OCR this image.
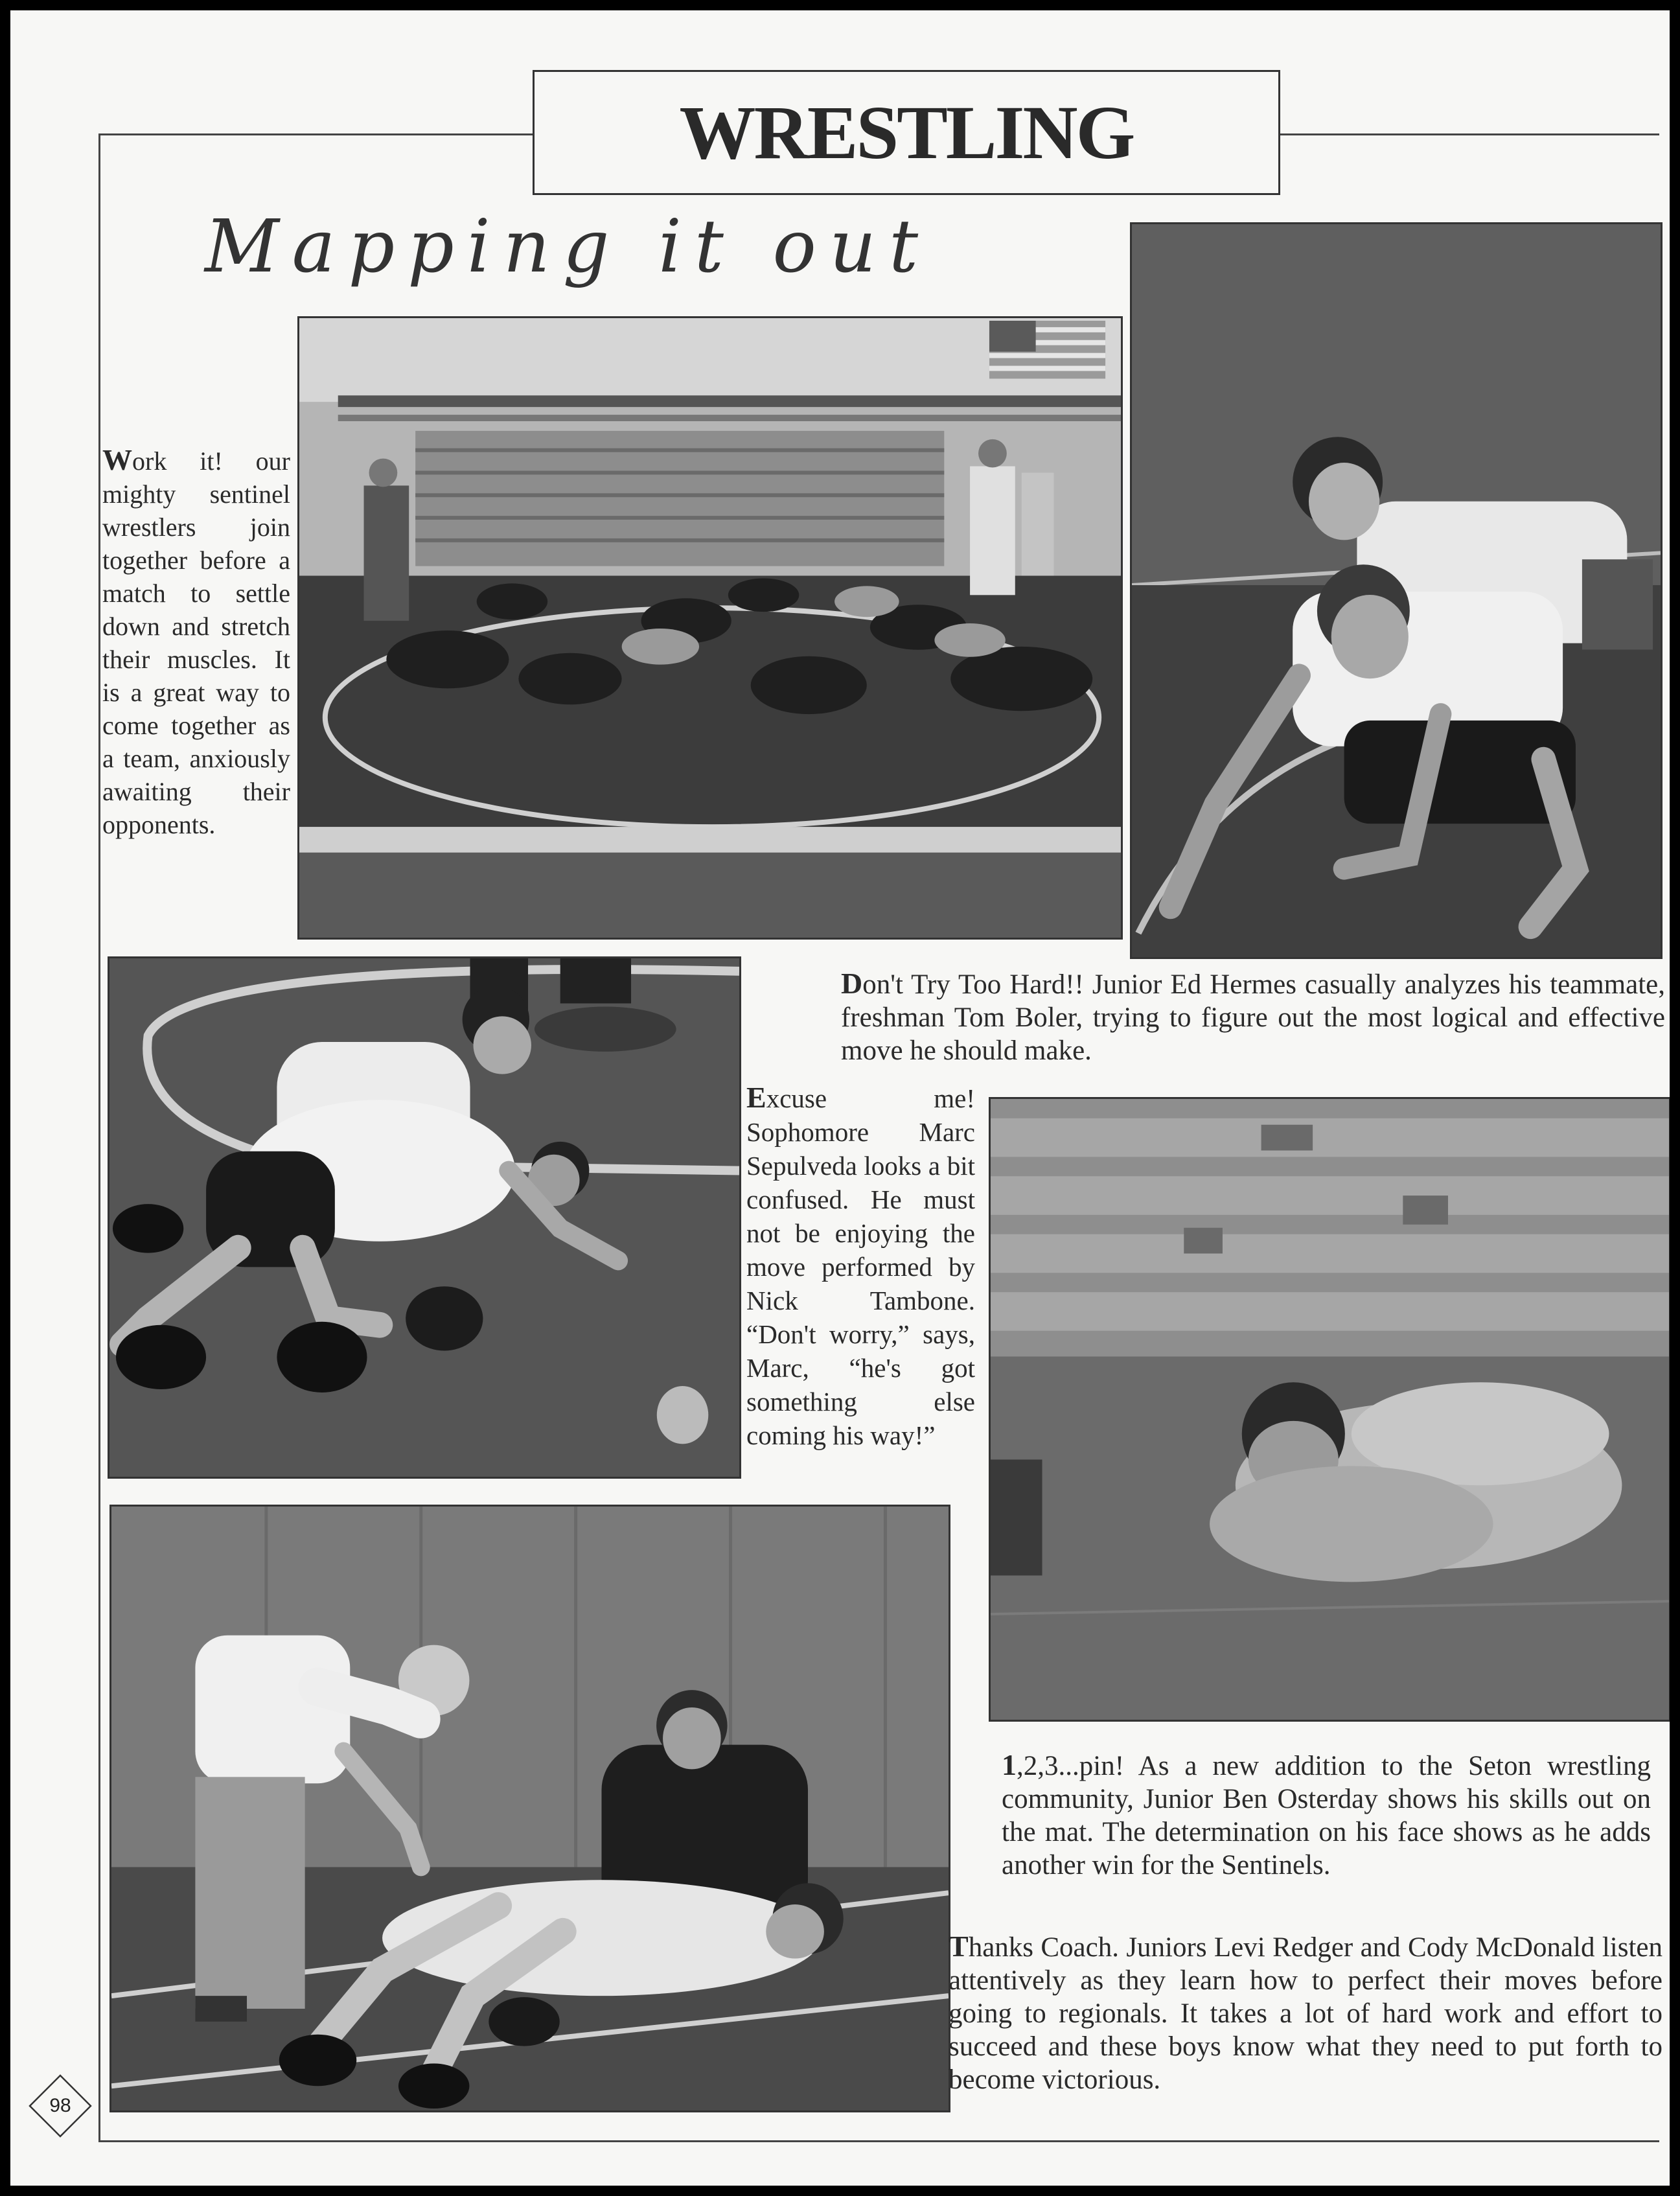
WRESTLING
Mapping it out
Work it! our mighty sentinel wrestlers join together before a match to settle down and stretch their muscles. It is a great way to come together as a team, anxiously awaiting their opponents.
Don't Try Too Hard!! Junior Ed Hermes casually analyzes his teammate, freshman Tom Boler, trying to figure out the most logical and effective move he should make.
Excuse me! Sophomore Marc Sepulveda looks a bit confused. He must not be enjoying the move performed by Nick Tambone. “Don't worry,” says, Marc, “he's got something else coming his way!”
1,2,3...pin! As a new addition to the Seton wrestling community, Junior Ben Osterday shows his skills out on the mat. The determination on his face shows as he adds another win for the Sentinels.
Thanks Coach. Juniors Levi Redger and Cody McDonald listen attentively as they learn how to perfect their moves before going to regionals. It takes a lot of hard work and effort to succeed and these boys know what they need to put forth to become victorious.
98
